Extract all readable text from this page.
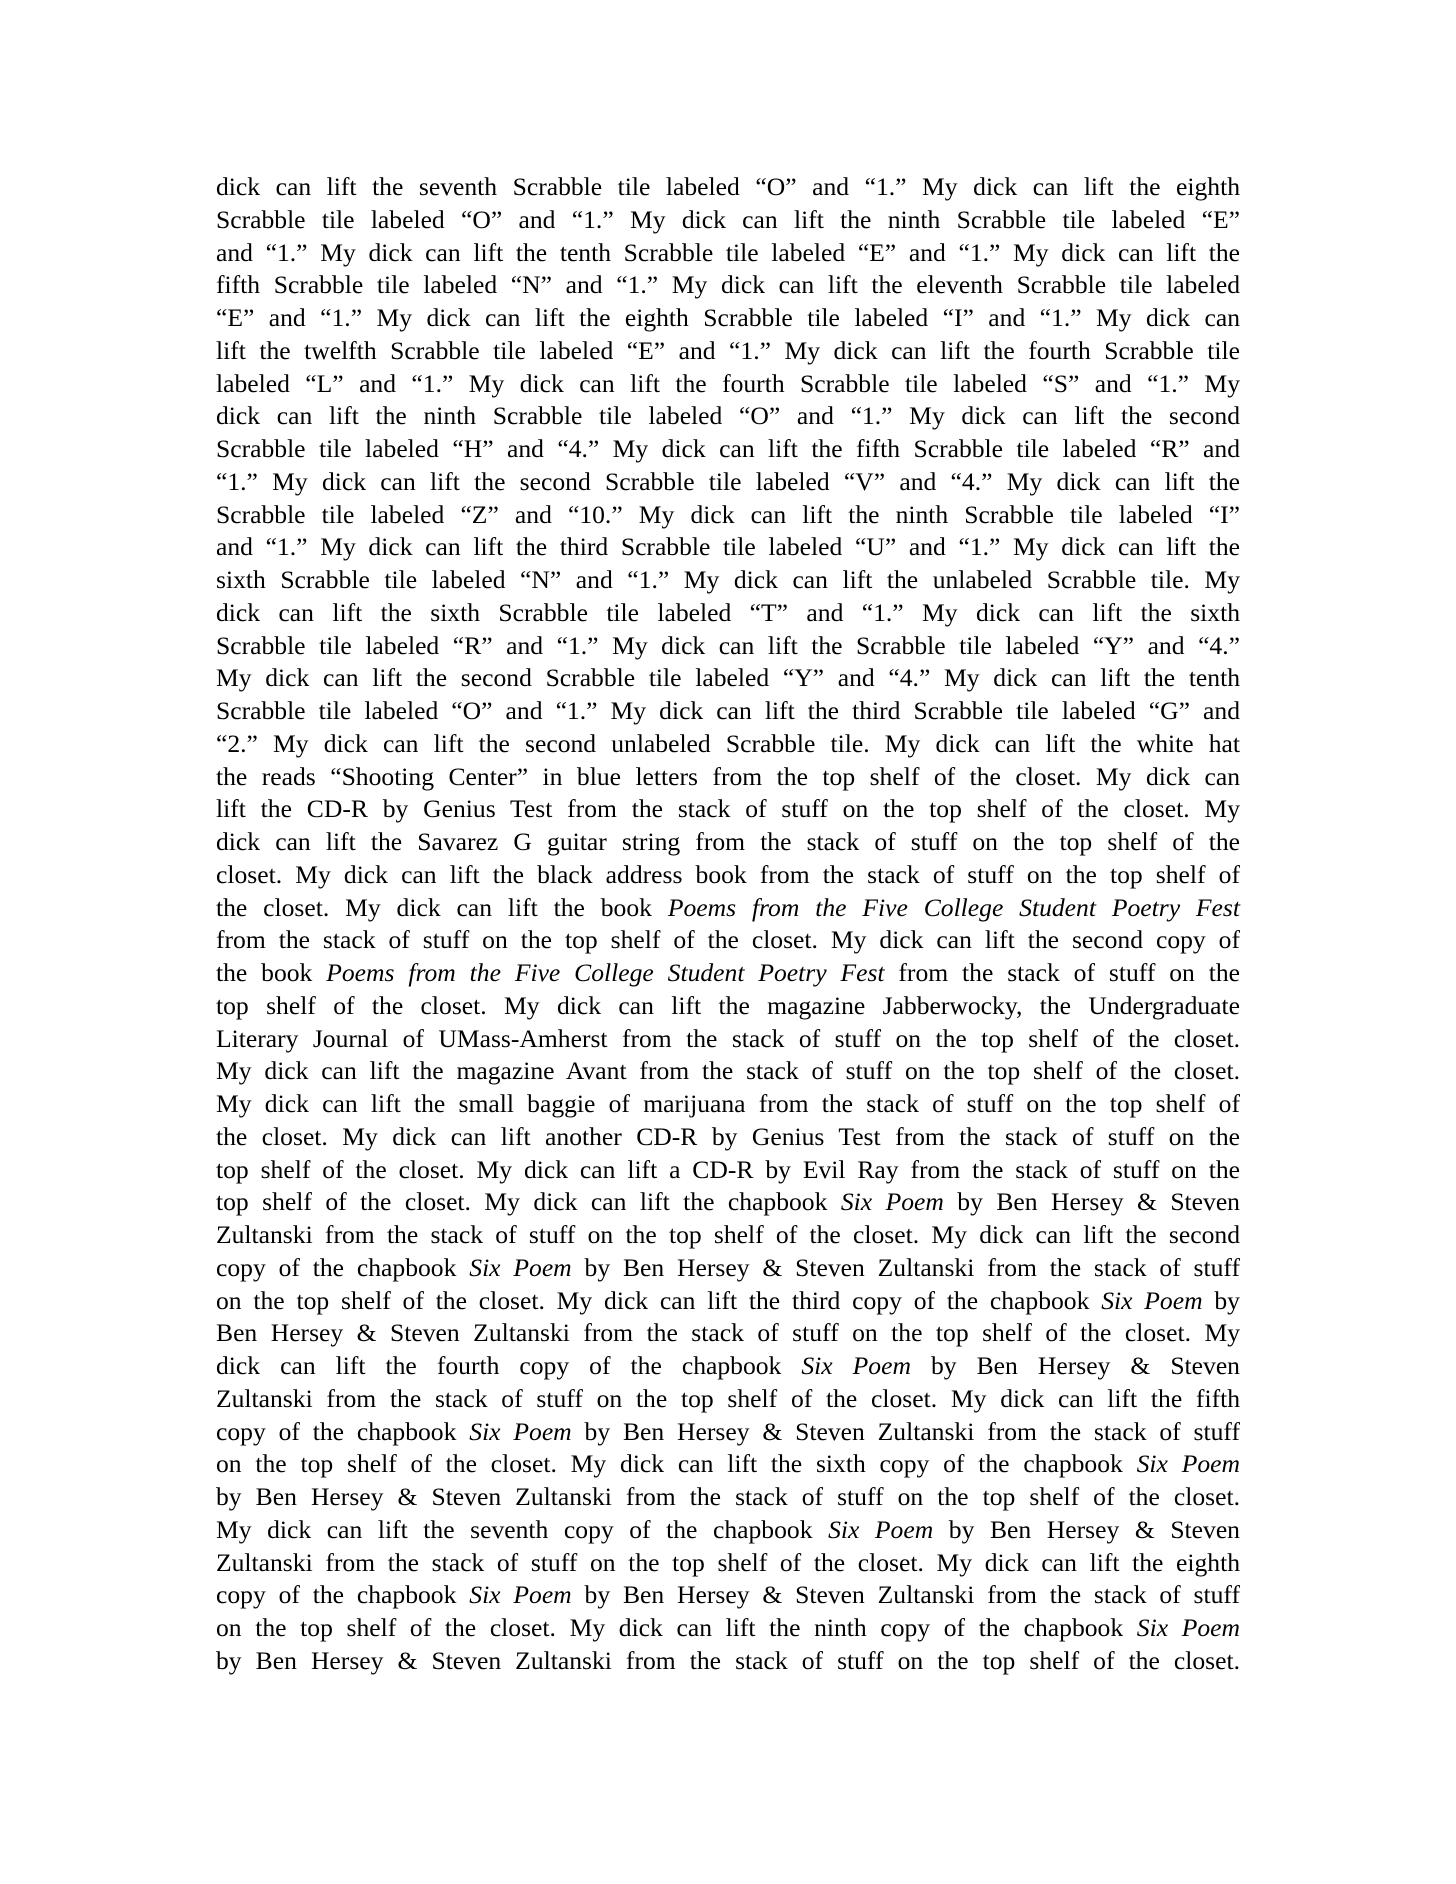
dick can lift the seventh Scrabble tile labeled “O” and “1.” My dick can lift the eighth
Scrabble tile labeled “O” and “1.” My dick can lift the ninth Scrabble tile labeled “E”
and “1.” My dick can lift the tenth Scrabble tile labeled “E” and “1.” My dick can lift the
fifth Scrabble tile labeled “N” and “1.” My dick can lift the eleventh Scrabble tile labeled
“E” and “1.” My dick can lift the eighth Scrabble tile labeled “I” and “1.” My dick can
lift the twelfth Scrabble tile labeled “E” and “1.” My dick can lift the fourth Scrabble tile
labeled “L” and “1.” My dick can lift the fourth Scrabble tile labeled “S” and “1.” My
dick can lift the ninth Scrabble tile labeled “O” and “1.” My dick can lift the second
Scrabble tile labeled “H” and “4.” My dick can lift the fifth Scrabble tile labeled “R” and
“1.” My dick can lift the second Scrabble tile labeled “V” and “4.” My dick can lift the
Scrabble tile labeled “Z” and “10.” My dick can lift the ninth Scrabble tile labeled “I”
and “1.” My dick can lift the third Scrabble tile labeled “U” and “1.” My dick can lift the
sixth Scrabble tile labeled “N” and “1.” My dick can lift the unlabeled Scrabble tile. My
dick can lift the sixth Scrabble tile labeled “T” and “1.” My dick can lift the sixth
Scrabble tile labeled “R” and “1.” My dick can lift the Scrabble tile labeled “Y” and “4.”
My dick can lift the second Scrabble tile labeled “Y” and “4.” My dick can lift the tenth
Scrabble tile labeled “O” and “1.” My dick can lift the third Scrabble tile labeled “G” and
“2.” My dick can lift the second unlabeled Scrabble tile. My dick can lift the white hat
the reads “Shooting Center” in blue letters from the top shelf of the closet. My dick can
lift the CD-R by Genius Test from the stack of stuff on the top shelf of the closet. My
dick can lift the Savarez G guitar string from the stack of stuff on the top shelf of the
closet. My dick can lift the black address book from the stack of stuff on the top shelf of
the closet. My dick can lift the book Poems from the Five College Student Poetry Fest
from the stack of stuff on the top shelf of the closet. My dick can lift the second copy of
the book Poems from the Five College Student Poetry Fest from the stack of stuff on the
top shelf of the closet. My dick can lift the magazine Jabberwocky, the Undergraduate
Literary Journal of UMass-Amherst from the stack of stuff on the top shelf of the closet.
My dick can lift the magazine Avant from the stack of stuff on the top shelf of the closet.
My dick can lift the small baggie of marijuana from the stack of stuff on the top shelf of
the closet. My dick can lift another CD-R by Genius Test from the stack of stuff on the
top shelf of the closet. My dick can lift a CD-R by Evil Ray from the stack of stuff on the
top shelf of the closet. My dick can lift the chapbook Six Poem by Ben Hersey & Steven
Zultanski from the stack of stuff on the top shelf of the closet. My dick can lift the second
copy of the chapbook Six Poem by Ben Hersey & Steven Zultanski from the stack of stuff
on the top shelf of the closet. My dick can lift the third copy of the chapbook Six Poem by
Ben Hersey & Steven Zultanski from the stack of stuff on the top shelf of the closet. My
dick can lift the fourth copy of the chapbook Six Poem by Ben Hersey & Steven
Zultanski from the stack of stuff on the top shelf of the closet. My dick can lift the fifth
copy of the chapbook Six Poem by Ben Hersey & Steven Zultanski from the stack of stuff
on the top shelf of the closet. My dick can lift the sixth copy of the chapbook Six Poem
by Ben Hersey & Steven Zultanski from the stack of stuff on the top shelf of the closet.
My dick can lift the seventh copy of the chapbook Six Poem by Ben Hersey & Steven
Zultanski from the stack of stuff on the top shelf of the closet. My dick can lift the eighth
copy of the chapbook Six Poem by Ben Hersey & Steven Zultanski from the stack of stuff
on the top shelf of the closet. My dick can lift the ninth copy of the chapbook Six Poem
by Ben Hersey & Steven Zultanski from the stack of stuff on the top shelf of the closet.
